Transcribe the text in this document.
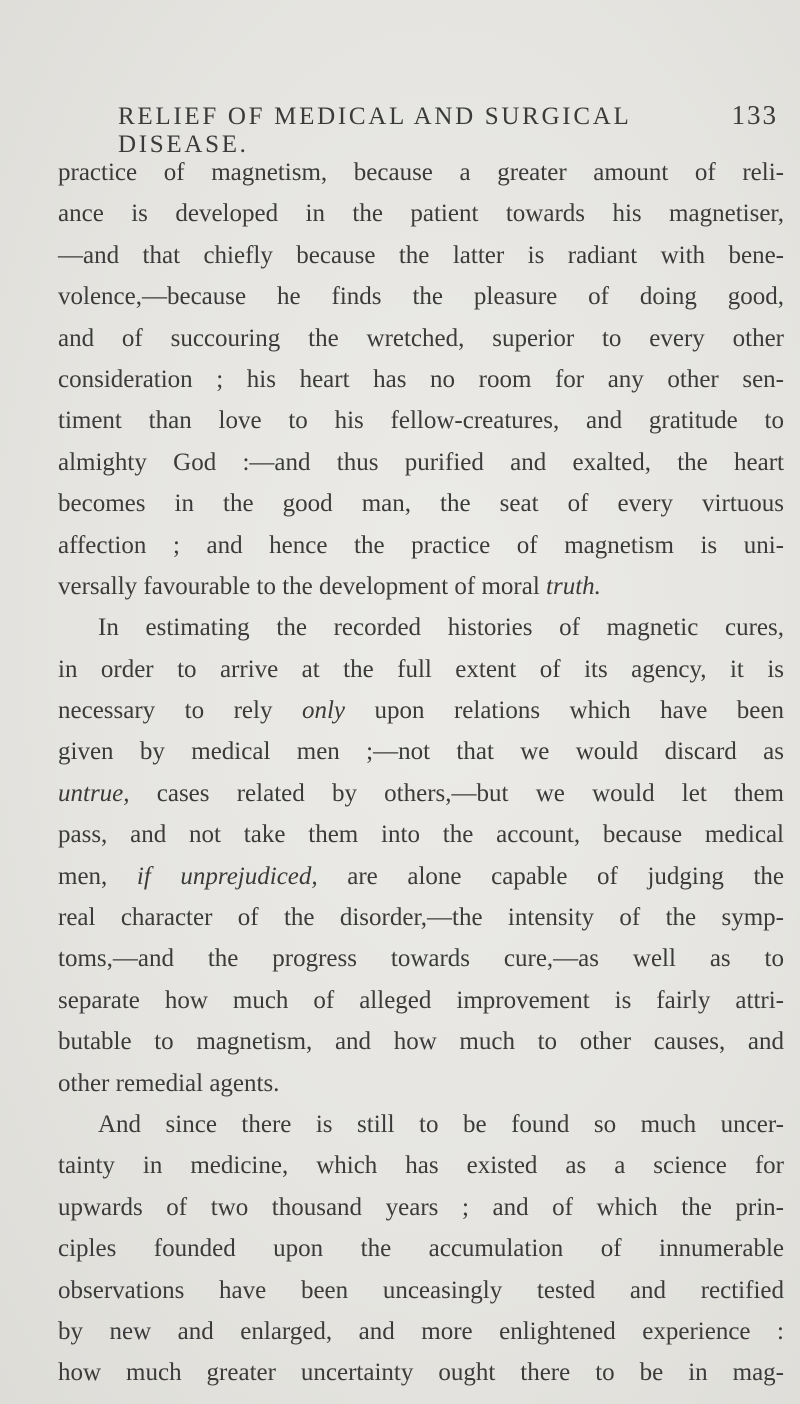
RELIEF OF MEDICAL AND SURGICAL DISEASE.
133
practice of magnetism, because a greater amount of reli-
ance is developed in the patient towards his magnetiser,
—and that chiefly because the latter is radiant with bene-
volence,—because he finds the pleasure of doing good,
and of succouring the wretched, superior to every other
consideration ; his heart has no room for any other sen-
timent than love to his fellow-creatures, and gratitude to
almighty God :—and thus purified and exalted, the heart
becomes in the good man, the seat of every virtuous
affection ; and hence the practice of magnetism is uni-
versally favourable to the development of moral truth.
In estimating the recorded histories of magnetic cures,
in order to arrive at the full extent of its agency, it is
necessary to rely only upon relations which have been
given by medical men ;—not that we would discard as
untrue, cases related by others,—but we would let them
pass, and not take them into the account, because medical
men, if unprejudiced, are alone capable of judging the
real character of the disorder,—the intensity of the symp-
toms,—and the progress towards cure,—as well as to
separate how much of alleged improvement is fairly attri-
butable to magnetism, and how much to other causes, and
other remedial agents.
And since there is still to be found so much uncer-
tainty in medicine, which has existed as a science for
upwards of two thousand years ; and of which the prin-
ciples founded upon the accumulation of innumerable
observations have been unceasingly tested and rectified
by new and enlarged, and more enlightened experience :
how much greater uncertainty ought there to be in mag-
